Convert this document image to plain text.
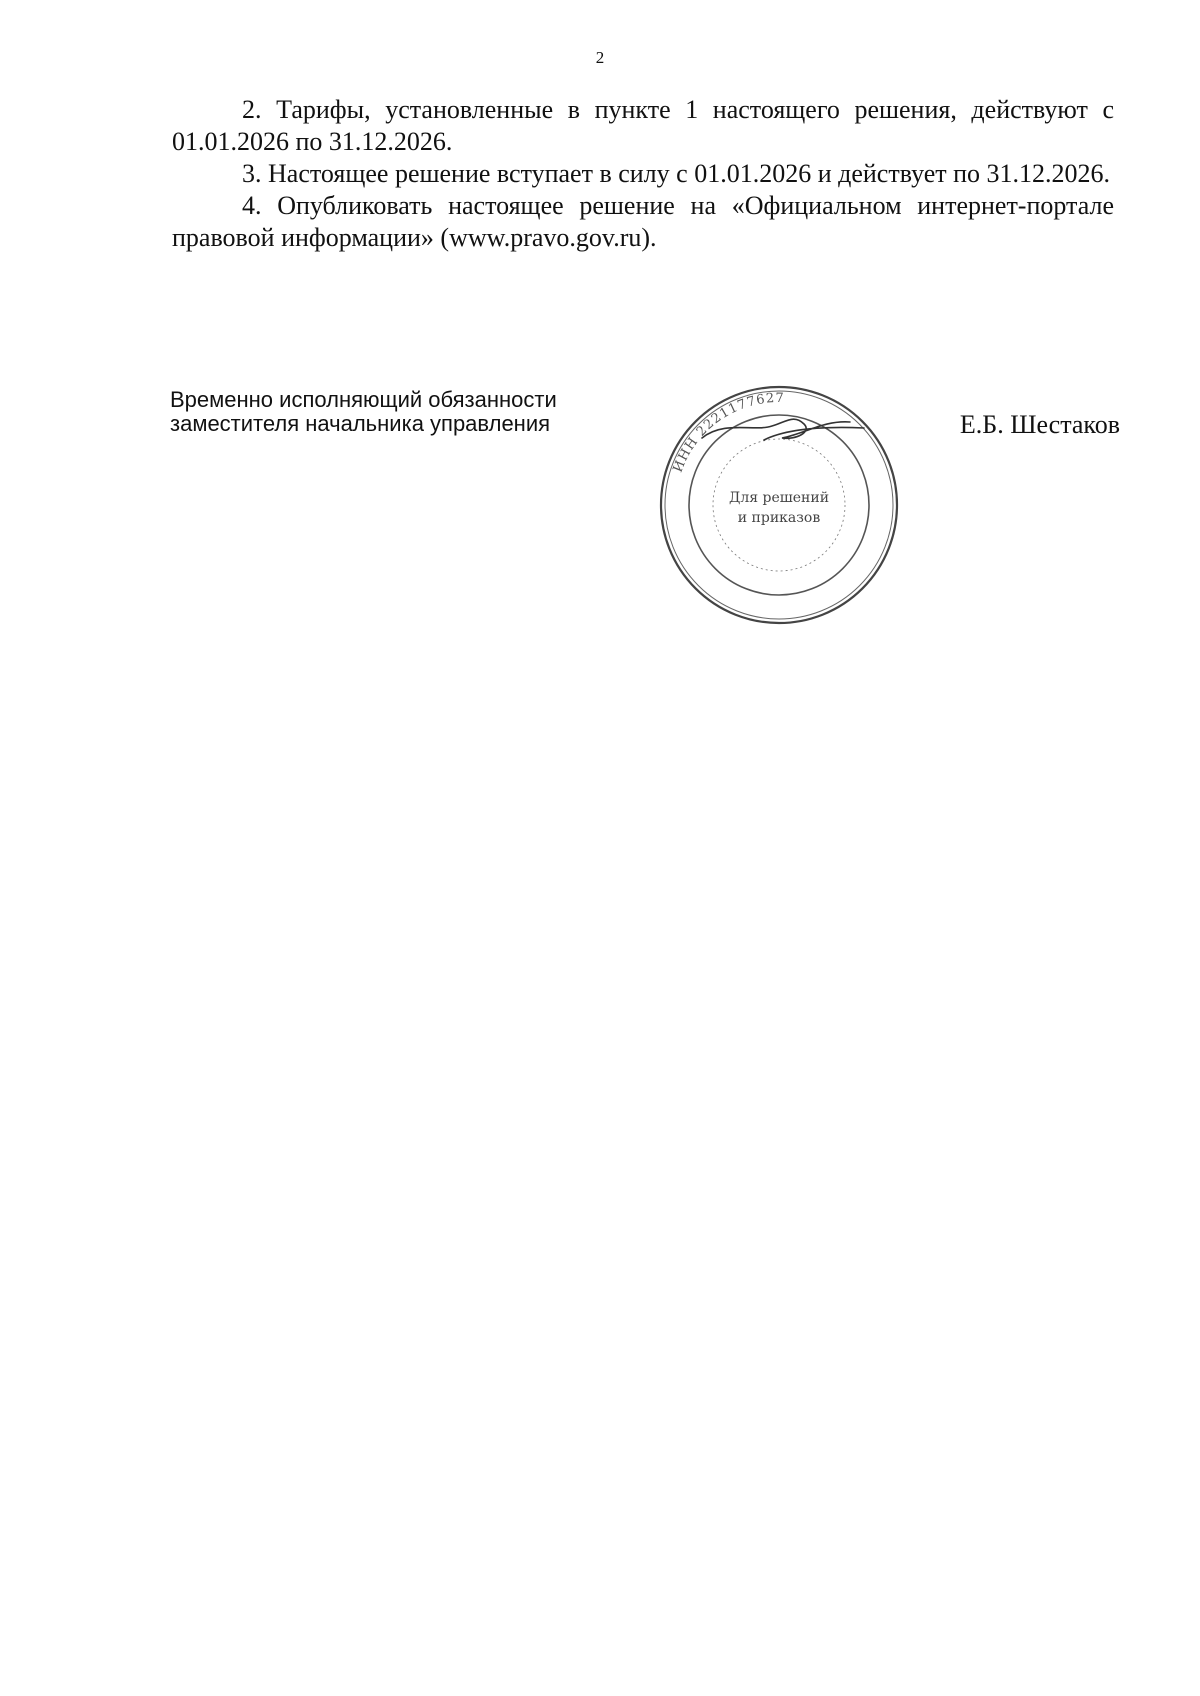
2

2. Тарифы, установленные в пункте 1 настоящего решения, действуют с 01.01.2026 по 31.12.2026.

3. Настоящее решение вступает в силу с 01.01.2026 и действует по 31.12.2026.

4. Опубликовать настоящее решение на «Официальном интернет-портале правовой информации» (www.pravo.gov.ru).

Временно исполняющий обязанности
заместителя начальника управления
ИНН 2221177627
Для решений
и приказов
Е.Б. Шестаков
